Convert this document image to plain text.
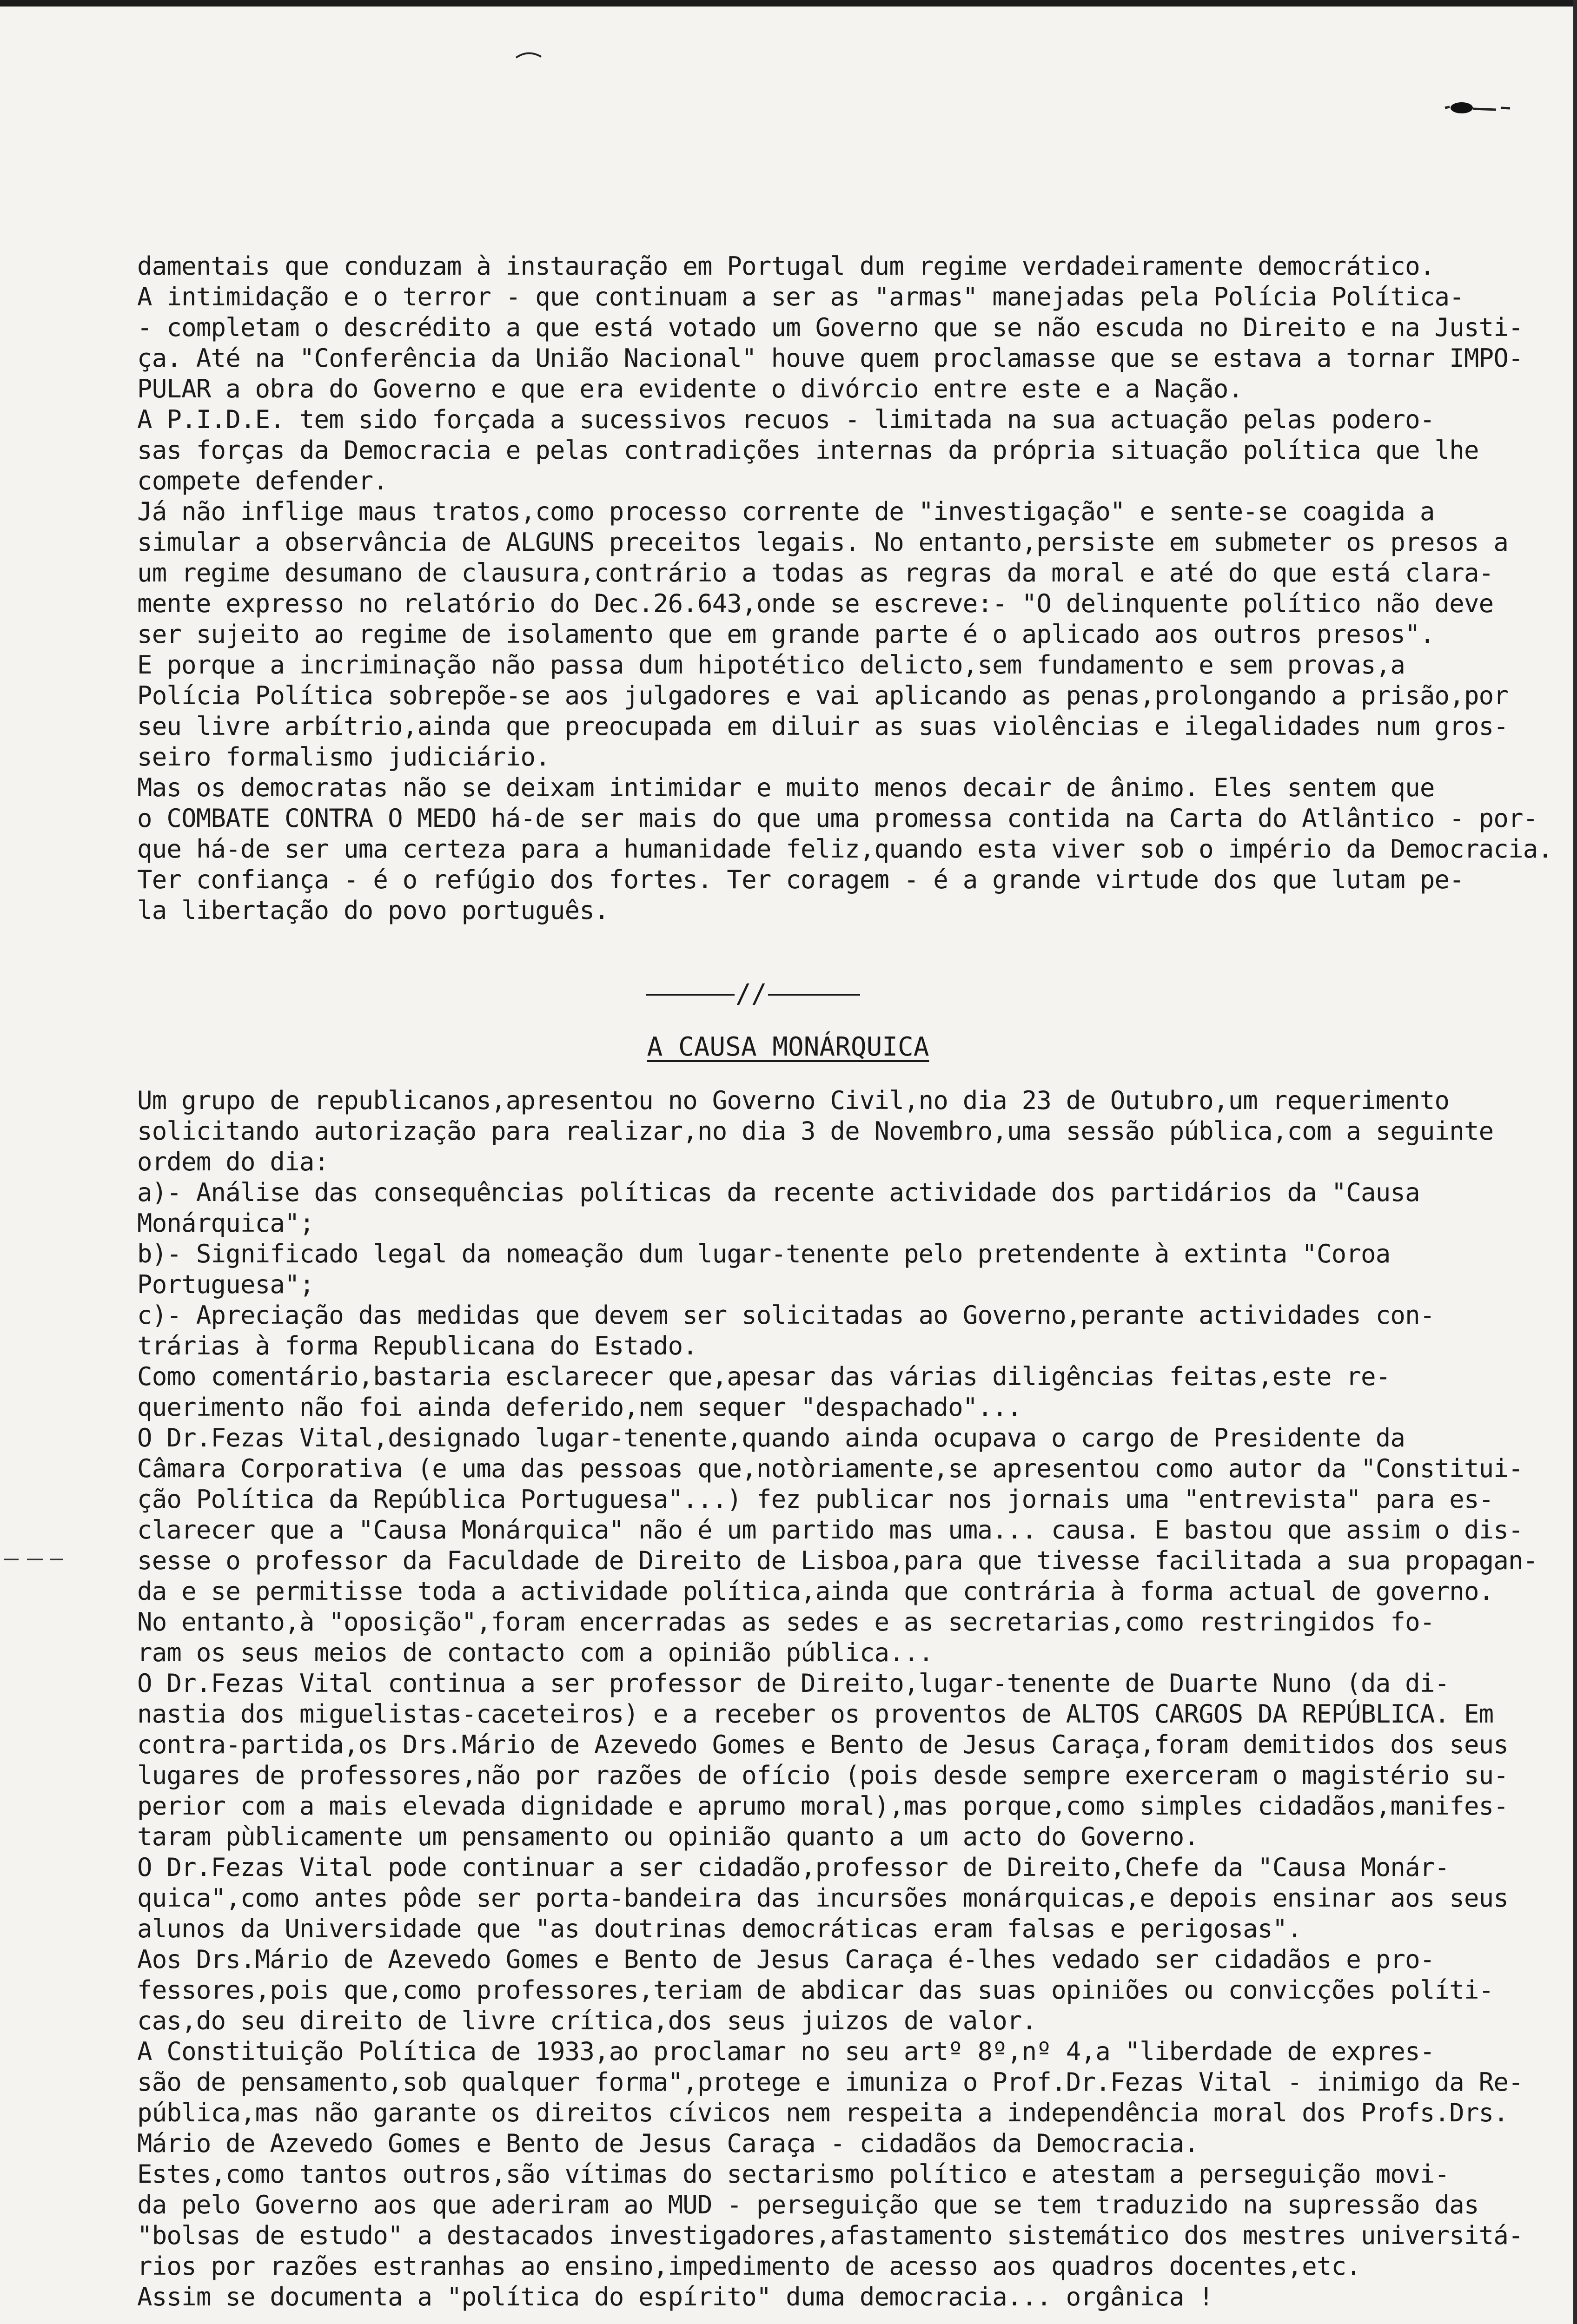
damentais que conduzam à instauração em Portugal dum regime verdadeiramente democrático.
A intimidação e o terror - que continuam a ser as "armas" manejadas pela Polícia Política-
- completam o descrédito a que está votado um Governo que se não escuda no Direito e na Justi-
ça. Até na "Conferência da União Nacional" houve quem proclamasse que se estava a tornar IMPO-
PULAR a obra do Governo e que era evidente o divórcio entre este e a Nação.
A P.I.D.E. tem sido forçada a sucessivos recuos - limitada na sua actuação pelas podero-
sas forças da Democracia e pelas contradições internas da própria situação política que lhe
compete defender.
Já não inflige maus tratos,como processo corrente de "investigação" e sente-se coagida a
simular a observância de ALGUNS preceitos legais. No entanto,persiste em submeter os presos a
um regime desumano de clausura,contrário a todas as regras da moral e até do que está clara-
mente expresso no relatório do Dec.26.643,onde se escreve:- "O delinquente político não deve
ser sujeito ao regime de isolamento que em grande parte é o aplicado aos outros presos".
E porque a incriminação não passa dum hipotético delicto,sem fundamento e sem provas,a
Polícia Política sobrepõe-se aos julgadores e vai aplicando as penas,prolongando a prisão,por
seu livre arbítrio,ainda que preocupada em diluir as suas violências e ilegalidades num gros-
seiro formalismo judiciário.
Mas os democratas não se deixam intimidar e muito menos decair de ânimo. Eles sentem que
o COMBATE CONTRA O MEDO há-de ser mais do que uma promessa contida na Carta do Atlântico - por-
que há-de ser uma certeza para a humanidade feliz,quando esta viver sob o império da Democracia.
Ter confiança - é o refúgio dos fortes. Ter coragem - é a grande virtude dos que lutam pe-
la libertação do povo português.
//
A CAUSA MONÁRQUICA
Um grupo de republicanos,apresentou no Governo Civil,no dia 23 de Outubro,um requerimento
solicitando autorização para realizar,no dia 3 de Novembro,uma sessão pública,com a seguinte
ordem do dia:
a)- Análise das consequências políticas da recente actividade dos partidários da "Causa
Monárquica";
b)- Significado legal da nomeação dum lugar-tenente pelo pretendente à extinta "Coroa
Portuguesa";
c)- Apreciação das medidas que devem ser solicitadas ao Governo,perante actividades con-
trárias à forma Republicana do Estado.
Como comentário,bastaria esclarecer que,apesar das várias diligências feitas,este re-
querimento não foi ainda deferido,nem sequer "despachado"...
O Dr.Fezas Vital,designado lugar-tenente,quando ainda ocupava o cargo de Presidente da
Câmara Corporativa (e uma das pessoas que,notòriamente,se apresentou como autor da "Constitui-
ção Política da República Portuguesa"...) fez publicar nos jornais uma "entrevista" para es-
clarecer que a "Causa Monárquica" não é um partido mas uma... causa. E bastou que assim o dis-
sesse o professor da Faculdade de Direito de Lisboa,para que tivesse facilitada a sua propagan-
da e se permitisse toda a actividade política,ainda que contrária à forma actual de governo.
No entanto,à "oposição",foram encerradas as sedes e as secretarias,como restringidos fo-
ram os seus meios de contacto com a opinião pública...
O Dr.Fezas Vital continua a ser professor de Direito,lugar-tenente de Duarte Nuno (da di-
nastia dos miguelistas-caceteiros) e a receber os proventos de ALTOS CARGOS DA REPÚBLICA. Em
contra-partida,os Drs.Mário de Azevedo Gomes e Bento de Jesus Caraça,foram demitidos dos seus
lugares de professores,não por razões de ofício (pois desde sempre exerceram o magistério su-
perior com a mais elevada dignidade e aprumo moral),mas porque,como simples cidadãos,manifes-
taram pùblicamente um pensamento ou opinião quanto a um acto do Governo.
O Dr.Fezas Vital pode continuar a ser cidadão,professor de Direito,Chefe da "Causa Monár-
quica",como antes pôde ser porta-bandeira das incursões monárquicas,e depois ensinar aos seus
alunos da Universidade que "as doutrinas democráticas eram falsas e perigosas".
Aos Drs.Mário de Azevedo Gomes e Bento de Jesus Caraça é-lhes vedado ser cidadãos e pro-
fessores,pois que,como professores,teriam de abdicar das suas opiniões ou convicções políti-
cas,do seu direito de livre crítica,dos seus juizos de valor.
A Constituição Política de 1933,ao proclamar no seu artº 8º,nº 4,a "liberdade de expres-
são de pensamento,sob qualquer forma",protege e imuniza o Prof.Dr.Fezas Vital - inimigo da Re-
pública,mas não garante os direitos cívicos nem respeita a independência moral dos Profs.Drs.
Mário de Azevedo Gomes e Bento de Jesus Caraça - cidadãos da Democracia.
Estes,como tantos outros,são vítimas do sectarismo político e atestam a perseguição movi-
da pelo Governo aos que aderiram ao MUD - perseguição que se tem traduzido na supressão das
"bolsas de estudo" a destacados investigadores,afastamento sistemático dos mestres universitá-
rios por razões estranhas ao ensino,impedimento de acesso aos quadros docentes,etc.
Assim se documenta a "política do espírito" duma democracia... orgânica !
